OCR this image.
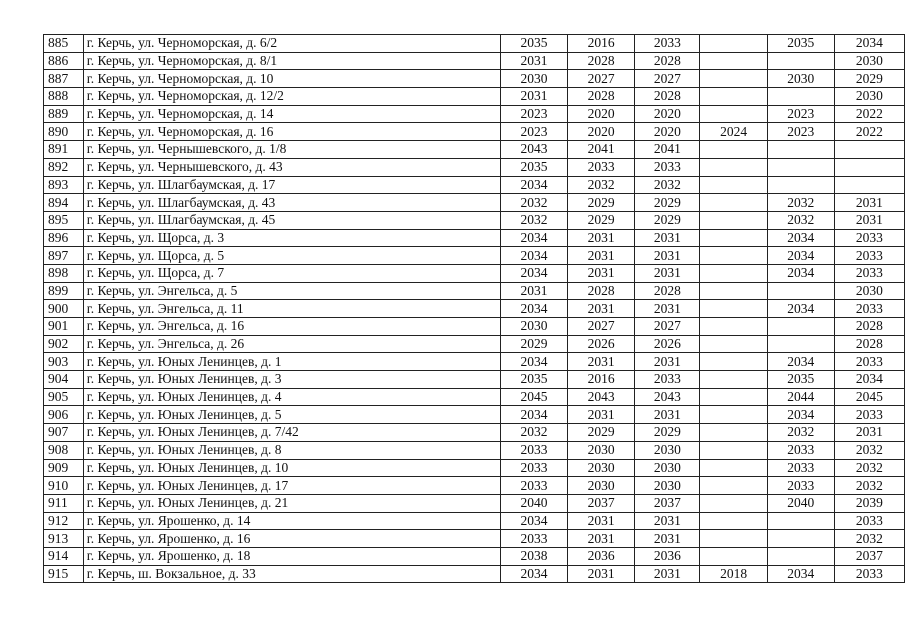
885	г. Керчь, ул. Черноморская, д. 6/2	2035	2016	2033		2035	2034
886	г. Керчь, ул. Черноморская, д. 8/1	2031	2028	2028			2030
887	г. Керчь, ул. Черноморская, д. 10	2030	2027	2027		2030	2029
888	г. Керчь, ул. Черноморская, д. 12/2	2031	2028	2028			2030
889	г. Керчь, ул. Черноморская, д. 14	2023	2020	2020		2023	2022
890	г. Керчь, ул. Черноморская, д. 16	2023	2020	2020	2024	2023	2022
891	г. Керчь, ул. Чернышевского, д. 1/8	2043	2041	2041			
892	г. Керчь, ул. Чернышевского, д. 43	2035	2033	2033			
893	г. Керчь, ул. Шлагбаумская, д. 17	2034	2032	2032			
894	г. Керчь, ул. Шлагбаумская, д. 43	2032	2029	2029		2032	2031
895	г. Керчь, ул. Шлагбаумская, д. 45	2032	2029	2029		2032	2031
896	г. Керчь, ул. Щорса, д. 3	2034	2031	2031		2034	2033
897	г. Керчь, ул. Щорса, д. 5	2034	2031	2031		2034	2033
898	г. Керчь, ул. Щорса, д. 7	2034	2031	2031		2034	2033
899	г. Керчь, ул. Энгельса, д. 5	2031	2028	2028			2030
900	г. Керчь, ул. Энгельса, д. 11	2034	2031	2031		2034	2033
901	г. Керчь, ул. Энгельса, д. 16	2030	2027	2027			2028
902	г. Керчь, ул. Энгельса, д. 26	2029	2026	2026			2028
903	г. Керчь, ул. Юных Ленинцев, д. 1	2034	2031	2031		2034	2033
904	г. Керчь, ул. Юных Ленинцев, д. 3	2035	2016	2033		2035	2034
905	г. Керчь, ул. Юных Ленинцев, д. 4	2045	2043	2043		2044	2045
906	г. Керчь, ул. Юных Ленинцев, д. 5	2034	2031	2031		2034	2033
907	г. Керчь, ул. Юных Ленинцев, д. 7/42	2032	2029	2029		2032	2031
908	г. Керчь, ул. Юных Ленинцев, д. 8	2033	2030	2030		2033	2032
909	г. Керчь, ул. Юных Ленинцев, д. 10	2033	2030	2030		2033	2032
910	г. Керчь, ул. Юных Ленинцев, д. 17	2033	2030	2030		2033	2032
911	г. Керчь, ул. Юных Ленинцев, д. 21	2040	2037	2037		2040	2039
912	г. Керчь, ул. Ярошенко, д. 14	2034	2031	2031			2033
913	г. Керчь, ул. Ярошенко, д. 16	2033	2031	2031			2032
914	г. Керчь, ул. Ярошенко, д. 18	2038	2036	2036			2037
915	г. Керчь, ш. Вокзальное, д. 33	2034	2031	2031	2018	2034	2033
